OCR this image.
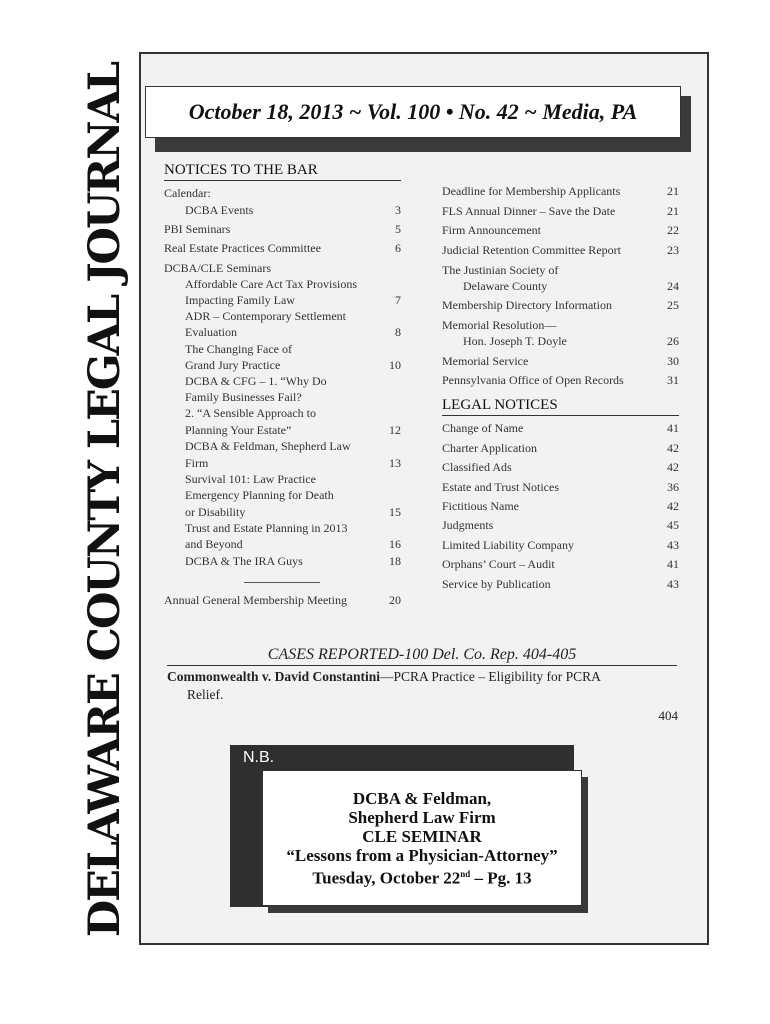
DELAWARE COUNTY LEGAL JOURNAL	October 18, 2013 ~ Vol. 100 • No. 42 ~ Media, PA
NOTICES TO THE BAR
Calendar:
DCBA Events	3
PBI Seminars	5
Real Estate Practices Committee	6
DCBA/CLE Seminars
Affordable Care Act Tax Provisions
Impacting Family Law	7
ADR – Contemporary Settlement
Evaluation	8
The Changing Face of
Grand Jury Practice	10
DCBA & CFG – 1. “Why Do
Family Businesses Fail?
2. “A Sensible Approach to
Planning Your Estate”	12
DCBA & Feldman, Shepherd Law
Firm	13
Survival 101: Law Practice
Emergency Planning for Death
or Disability	15
Trust and Estate Planning in 2013
and Beyond	16
DCBA & The IRA Guys	18
Annual General Membership Meeting	20
Deadline for Membership Applicants	21
FLS Annual Dinner – Save the Date	21
Firm Announcement	22
Judicial Retention Committee Report	23
The Justinian Society of
Delaware County	24
Membership Directory Information	25
Memorial Resolution—
Hon. Joseph T. Doyle	26
Memorial Service	30
Pennsylvania Office of Open Records	31
Change of Name	41
Charter Application	42
Classified Ads	42
Estate and Trust Notices	36
Fictitious Name	42
Judgments	45
Limited Liability Company	43
Orphans’ Court – Audit	41
Service by Publication	43
LEGAL NOTICES
CASES REPORTED-100 Del. Co. Rep. 404-405
Commonwealth v. David Constantini—PCRA Practice – Eligibility for PCRA
Relief.
404
N.B.
DCBA & Feldman,
Shepherd Law Firm
CLE SEMINAR
“Lessons from a Physician-Attorney”
Tuesday, October 22nd – Pg. 13
